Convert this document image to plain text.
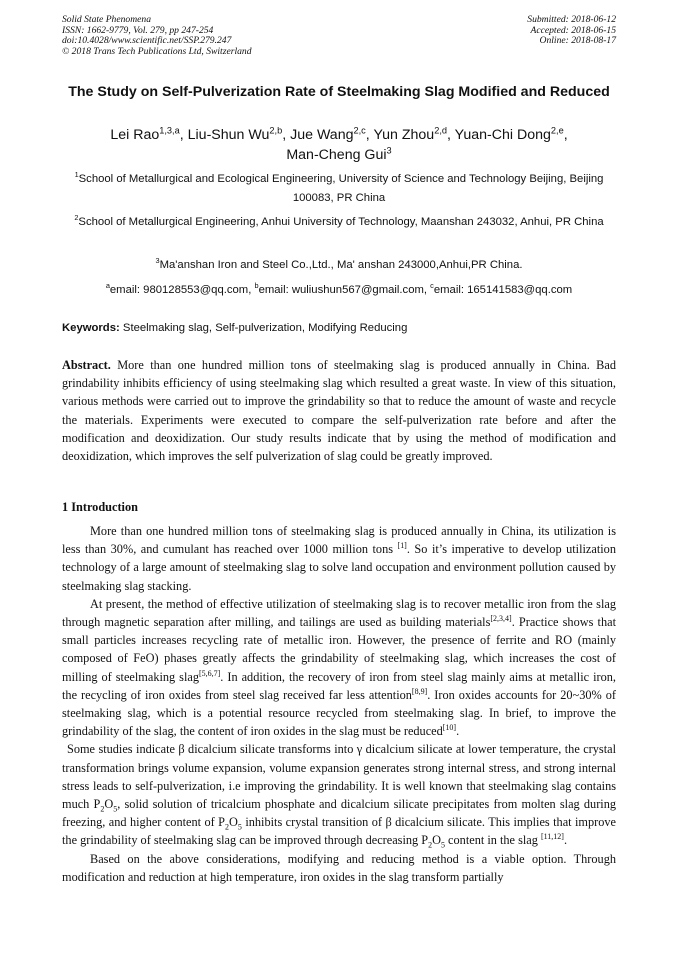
Solid State Phenomena
ISSN: 1662-9779, Vol. 279, pp 247-254
doi:10.4028/www.scientific.net/SSP.279.247
© 2018 Trans Tech Publications Ltd, Switzerland
Submitted: 2018-06-12
Accepted: 2018-06-15
Online: 2018-08-17
The Study on Self-Pulverization Rate of Steelmaking Slag Modified and Reduced
Lei Rao$^{1,3,a}$, Liu-Shun Wu$^{2,b}$, Jue Wang$^{2,c}$, Yun Zhou$^{2,d}$, Yuan-Chi Dong$^{2,e}$,
Man-Cheng Gui$^3$
$^1$School of Metallurgical and Ecological Engineering, University of Science and Technology Beijing, Beijing 100083, PR China
$^2$School of Metallurgical Engineering, Anhui University of Technology, Maanshan 243032, Anhui, PR China
$^3$Ma'anshan Iron and Steel Co.,Ltd., Ma' anshan 243000,Anhui,PR China.
$^a$email: 980128553@qq.com, $^b$email: wuliushun567@gmail.com, $^c$email: 165141583@qq.com
Keywords: Steelmaking slag, Self-pulverization, Modifying Reducing
Abstract. More than one hundred million tons of steelmaking slag is produced annually in China. Bad grindability inhibits efficiency of using steelmaking slag which resulted a great waste. In view of this situation, various methods were carried out to improve the grindability so that to reduce the amount of waste and recycle the materials. Experiments were executed to compare the self-pulverization rate before and after the modification and deoxidization. Our study results indicate that by using the method of modification and deoxidization, which improves the self pulverization of slag could be greatly improved.
1 Introduction

More than one hundred million tons of steelmaking slag is produced annually in China, its utilization is less than 30%, and cumulant has reached over 1000 million tons [1]. So it’s imperative to develop utilization technology of a large amount of steelmaking slag to solve land occupation and environment pollution caused by steelmaking slag stacking.

At present, the method of effective utilization of steelmaking slag is to recover metallic iron from the slag through magnetic separation after milling, and tailings are used as building materials[2,3,4]. Practice shows that small particles increases recycling rate of metallic iron. However, the presence of ferrite and RO (mainly composed of FeO) phases greatly affects the grindability of steelmaking slag, which increases the cost of milling of steelmaking slag[5,6,7]. In addition, the recovery of iron from steel slag mainly aims at metallic iron, the recycling of iron oxides from steel slag received far less attention[8,9]. Iron oxides accounts for 20~30% of steelmaking slag, which is a potential resource recycled from steelmaking slag. In brief, to improve the grindability of the slag, the content of iron oxides in the slag must be reduced[10].

Some studies indicate β dicalcium silicate transforms into γ dicalcium silicate at lower temperature, the crystal transformation brings volume expansion, volume expansion generates strong internal stress, and strong internal stress leads to self-pulverization, i.e improving the grindability. It is well known that steelmaking slag contains much $P_2O_5$, solid solution of tricalcium phosphate and dicalcium silicate precipitates from molten slag during freezing, and higher content of $P_2O_5$ inhibits crystal transition of β dicalcium silicate. This implies that improve the grindability of steelmaking slag can be improved through decreasing $P_2O_5$ content in the slag [11,12].

Based on the above considerations, modifying and reducing method is a viable option. Through modification and reduction at high temperature, iron oxides in the slag transform partially
